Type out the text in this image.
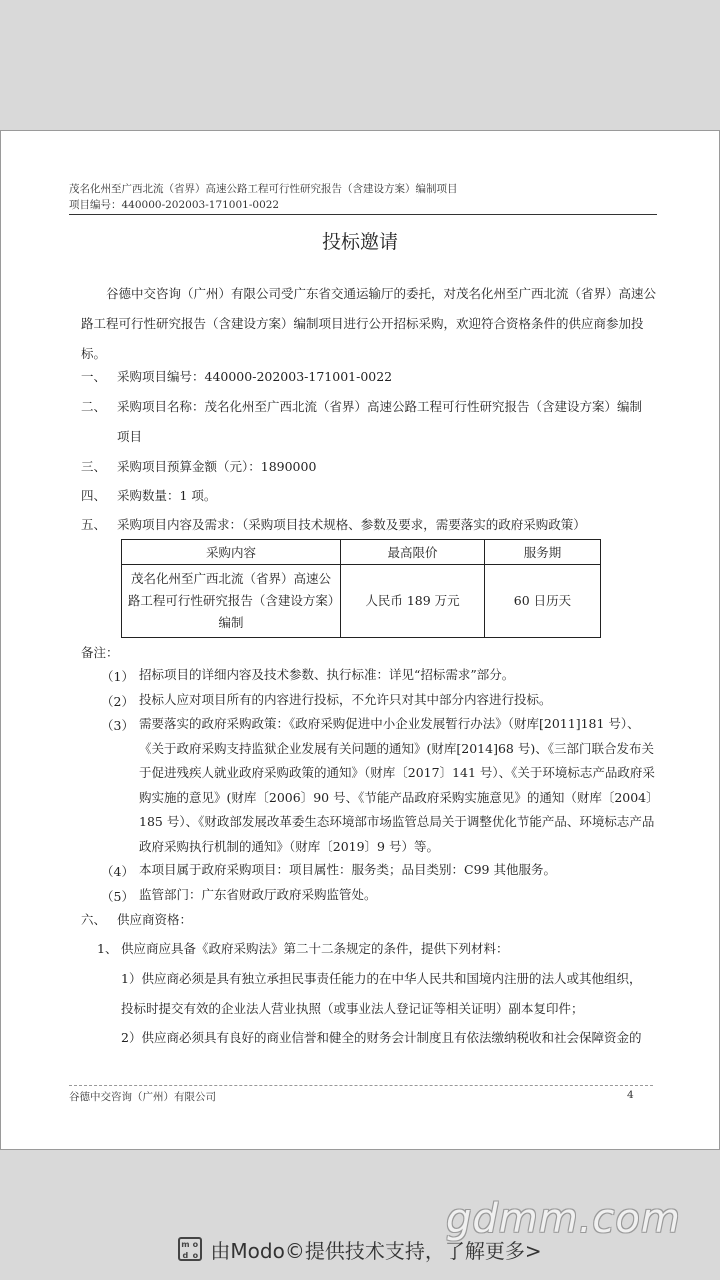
茂名化州至广西北流（省界）高速公路工程可行性研究报告（含建设方案）编制项目
项目编号：440000-202003-171001-0022
投标邀请
谷德中交咨询（广州）有限公司受广东省交通运输厅的委托，对茂名化州至广西北流（省界）高速公路工程可行性研究报告（含建设方案）编制项目进行公开招标采购，欢迎符合资格条件的供应商参加投标。
一、 采购项目编号：440000-202003-171001-0022
二、 采购项目名称：茂名化州至广西北流（省界）高速公路工程可行性研究报告（含建设方案）编制
项目
三、 采购项目预算金额（元）：1890000
四、 采购数量：1 项。
五、 采购项目内容及需求：（采购项目技术规格、参数及要求，需要落实的政府采购政策）
采购内容	最高限价	服务期
茂名化州至广西北流（省界）高速公路工程可行性研究报告（含建设方案）编制	人民币 189 万元	60 日历天
备注：
（1） 招标项目的详细内容及技术参数、执行标准：详见“招标需求”部分。
（2） 投标人应对项目所有的内容进行投标，不允许只对其中部分内容进行投标。
（3） 需要落实的政府采购政策：《政府采购促进中小企业发展暂行办法》（财库[2011]181 号）、《关于政府采购支持监狱企业发展有关问题的通知》(财库[2014]68 号)、《三部门联合发布关于促进残疾人就业政府采购政策的通知》（财库〔2017〕141 号）、《关于环境标志产品政府采购实施的意见》(财库〔2006〕90 号、《节能产品政府采购实施意见》的通知（财库〔2004〕185 号）、《财政部发展改革委生态环境部市场监管总局关于调整优化节能产品、环境标志产品政府采购执行机制的通知》（财库〔2019〕9 号）等。
（4） 本项目属于政府采购项目：项目属性：服务类；品目类别：C99 其他服务。
（5） 监管部门：广东省财政厅政府采购监管处。
六、 供应商资格：
1、 供应商应具备《政府采购法》第二十二条规定的条件，提供下列材料：
1）供应商必须是具有独立承担民事责任能力的在中华人民共和国境内注册的法人或其他组织，
投标时提交有效的企业法人营业执照（或事业法人登记证等相关证明）副本复印件；
2）供应商必须具有良好的商业信誉和健全的财务会计制度且有依法缴纳税收和社会保障资金的
谷德中交咨询（广州）有限公司	4
gdmm.com
m o
d o 由Modo©提供技术支持，了解更多>
